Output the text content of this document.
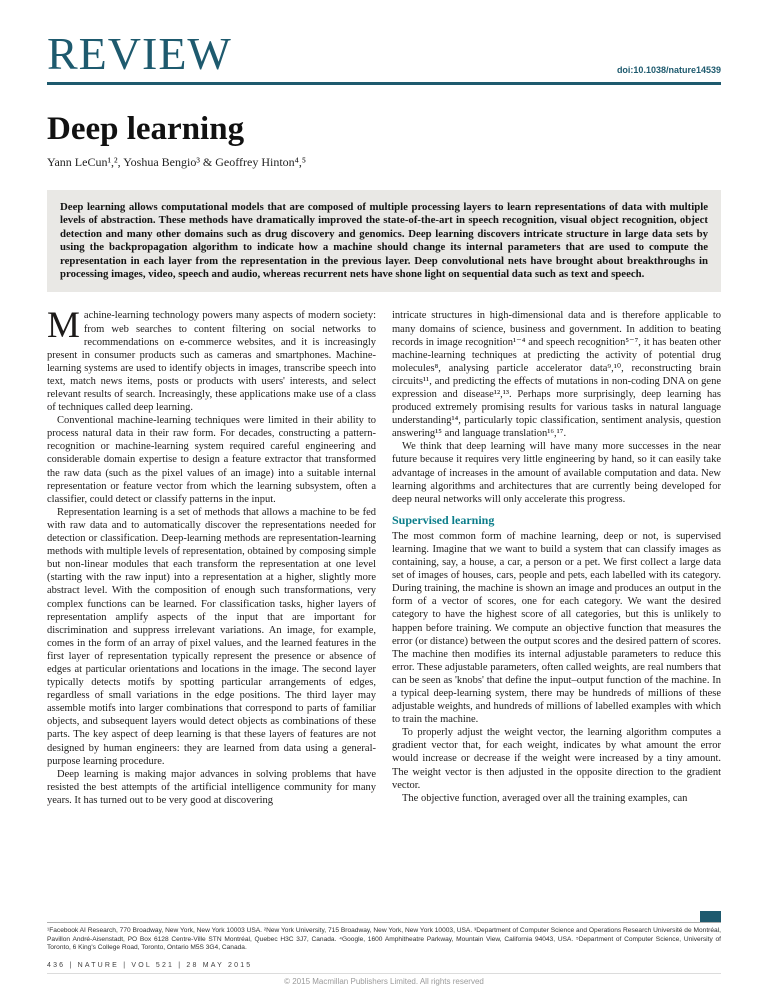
REVIEW	doi:10.1038/nature14539
Deep learning
Yann LeCun¹,², Yoshua Bengio³ & Geoffrey Hinton⁴,⁵
Deep learning allows computational models that are composed of multiple processing layers to learn representations of data with multiple levels of abstraction. These methods have dramatically improved the state-of-the-art in speech recognition, visual object recognition, object detection and many other domains such as drug discovery and genomics. Deep learning discovers intricate structure in large data sets by using the backpropagation algorithm to indicate how a machine should change its internal parameters that are used to compute the representation in each layer from the representation in the previous layer. Deep convolutional nets have brought about breakthroughs in processing images, video, speech and audio, whereas recurrent nets have shone light on sequential data such as text and speech.

Machine-learning technology powers many aspects of modern society: from web searches to content filtering on social networks to recommendations on e-commerce websites, and it is increasingly present in consumer products such as cameras and smartphones. Machine-learning systems are used to identify objects in images, transcribe speech into text, match news items, posts or products with users' interests, and select relevant results of search. Increasingly, these applications make use of a class of techniques called deep learning.

Conventional machine-learning techniques were limited in their ability to process natural data in their raw form. For decades, constructing a pattern-recognition or machine-learning system required careful engineering and considerable domain expertise to design a feature extractor that transformed the raw data (such as the pixel values of an image) into a suitable internal representation or feature vector from which the learning subsystem, often a classifier, could detect or classify patterns in the input.

Representation learning is a set of methods that allows a machine to be fed with raw data and to automatically discover the representations needed for detection or classification. Deep-learning methods are representation-learning methods with multiple levels of representation, obtained by composing simple but non-linear modules that each transform the representation at one level (starting with the raw input) into a representation at a higher, slightly more abstract level. With the composition of enough such transformations, very complex functions can be learned. For classification tasks, higher layers of representation amplify aspects of the input that are important for discrimination and suppress irrelevant variations. An image, for example, comes in the form of an array of pixel values, and the learned features in the first layer of representation typically represent the presence or absence of edges at particular orientations and locations in the image. The second layer typically detects motifs by spotting particular arrangements of edges, regardless of small variations in the edge positions. The third layer may assemble motifs into larger combinations that correspond to parts of familiar objects, and subsequent layers would detect objects as combinations of these parts. The key aspect of deep learning is that these layers of features are not designed by human engineers: they are learned from data using a general-purpose learning procedure.

Deep learning is making major advances in solving problems that have resisted the best attempts of the artificial intelligence community for many years. It has turned out to be very good at discovering

intricate structures in high-dimensional data and is therefore applicable to many domains of science, business and government. In addition to beating records in image recognition¹⁻⁴ and speech recognition⁵⁻⁷, it has beaten other machine-learning techniques at predicting the activity of potential drug molecules⁸, analysing particle accelerator data⁹,¹⁰, reconstructing brain circuits¹¹, and predicting the effects of mutations in non-coding DNA on gene expression and disease¹²,¹³. Perhaps more surprisingly, deep learning has produced extremely promising results for various tasks in natural language understanding¹⁴, particularly topic classification, sentiment analysis, question answering¹⁵ and language translation¹⁶,¹⁷.

We think that deep learning will have many more successes in the near future because it requires very little engineering by hand, so it can easily take advantage of increases in the amount of available computation and data. New learning algorithms and architectures that are currently being developed for deep neural networks will only accelerate this progress.

Supervised learning

The most common form of machine learning, deep or not, is supervised learning. Imagine that we want to build a system that can classify images as containing, say, a house, a car, a person or a pet. We first collect a large data set of images of houses, cars, people and pets, each labelled with its category. During training, the machine is shown an image and produces an output in the form of a vector of scores, one for each category. We want the desired category to have the highest score of all categories, but this is unlikely to happen before training. We compute an objective function that measures the error (or distance) between the output scores and the desired pattern of scores. The machine then modifies its internal adjustable parameters to reduce this error. These adjustable parameters, often called weights, are real numbers that can be seen as 'knobs' that define the input–output function of the machine. In a typical deep-learning system, there may be hundreds of millions of these adjustable weights, and hundreds of millions of labelled examples with which to train the machine.

To properly adjust the weight vector, the learning algorithm computes a gradient vector that, for each weight, indicates by what amount the error would increase or decrease if the weight were increased by a tiny amount. The weight vector is then adjusted in the opposite direction to the gradient vector.

The objective function, averaged over all the training examples, can

¹Facebook AI Research, 770 Broadway, New York, New York 10003 USA. ²New York University, 715 Broadway, New York, New York 10003, USA. ³Department of Computer Science and Operations Research Université de Montréal, Pavillon André-Aisenstadt, PO Box 6128 Centre-Ville STN Montréal, Quebec H3C 3J7, Canada. ⁴Google, 1600 Amphitheatre Parkway, Mountain View, California 94043, USA. ⁵Department of Computer Science, University of Toronto, 6 King's College Road, Toronto, Ontario M5S 3G4, Canada.

436 | NATURE | VOL 521 | 28 MAY 2015
© 2015 Macmillan Publishers Limited. All rights reserved
